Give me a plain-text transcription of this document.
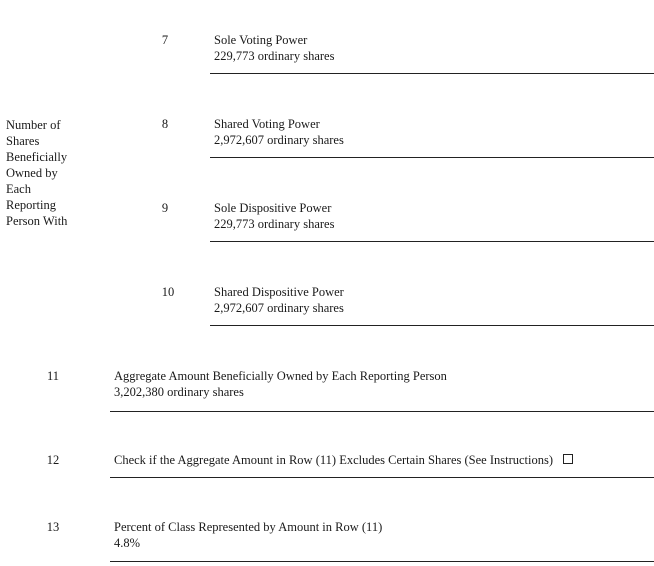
Number of
Shares
Beneficially
Owned by
Each
Reporting
Person With
7	Sole Voting Power
229,773 ordinary shares
8	Shared Voting Power
2,972,607 ordinary shares
9	Sole Dispositive Power
229,773 ordinary shares
10	Shared Dispositive Power
2,972,607 ordinary shares
11	Aggregate Amount Beneficially Owned by Each Reporting Person
3,202,380 ordinary shares
12	Check if the Aggregate Amount in Row (11) Excludes Certain Shares (See Instructions)
13	Percent of Class Represented by Amount in Row (11)
4.8%
